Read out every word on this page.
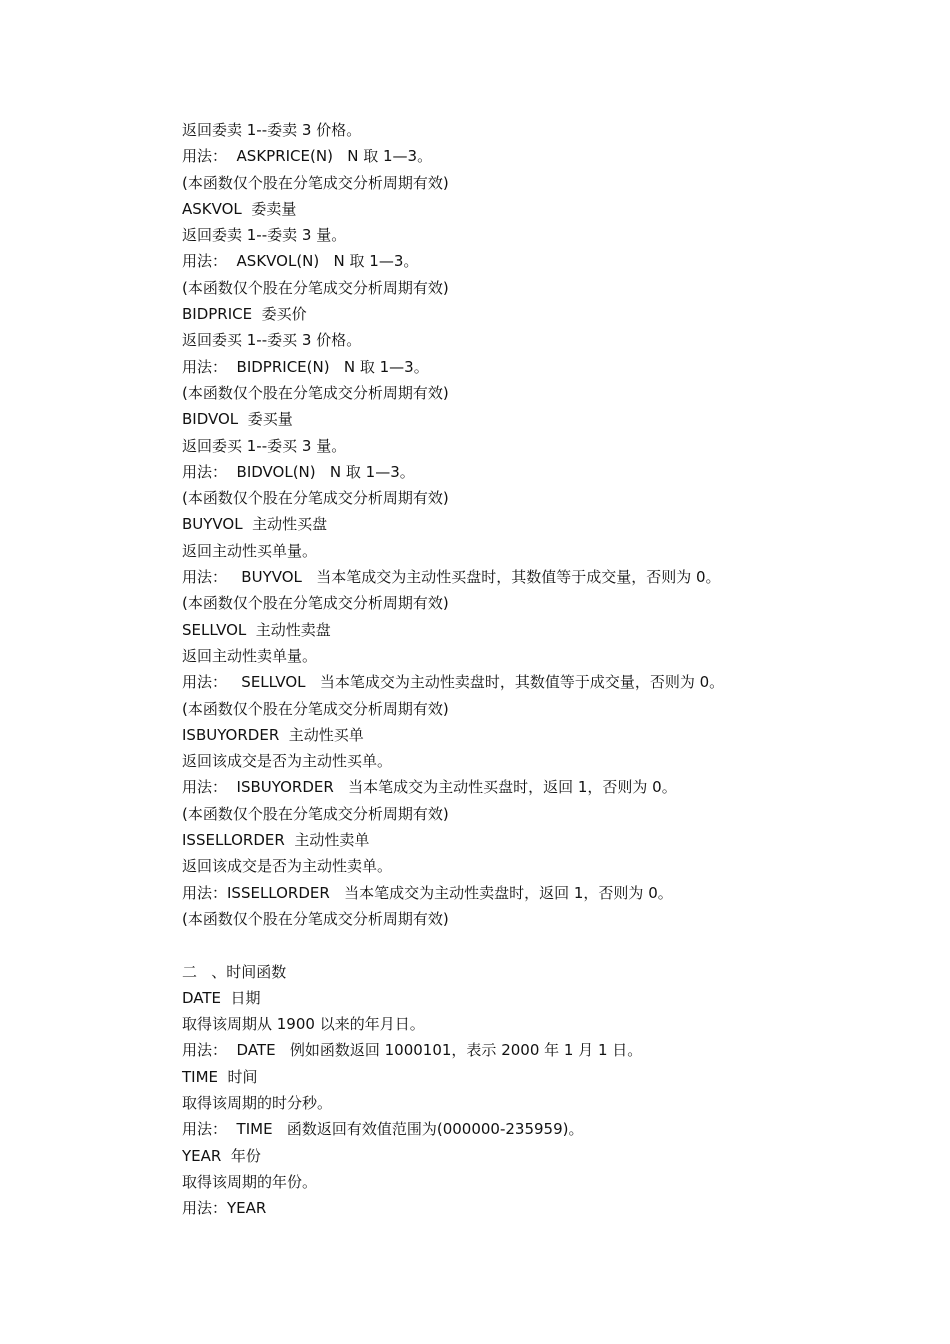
返回委卖 1--委卖 3 价格。
用法：  ASKPRICE(N)   N 取 1—3。
(本函数仅个股在分笔成交分析周期有效)
ASKVOL  委卖量
返回委卖 1--委卖 3 量。
用法：  ASKVOL(N)   N 取 1—3。
(本函数仅个股在分笔成交分析周期有效)
BIDPRICE  委买价
返回委买 1--委买 3 价格。
用法：  BIDPRICE(N)   N 取 1—3。
(本函数仅个股在分笔成交分析周期有效)
BIDVOL  委买量
返回委买 1--委买 3 量。
用法：  BIDVOL(N)   N 取 1—3。
(本函数仅个股在分笔成交分析周期有效)
BUYVOL  主动性买盘
返回主动性买单量。
用法：   BUYVOL   当本笔成交为主动性买盘时，其数值等于成交量，否则为 0。
(本函数仅个股在分笔成交分析周期有效)
SELLVOL  主动性卖盘
返回主动性卖单量。
用法：   SELLVOL   当本笔成交为主动性卖盘时，其数值等于成交量，否则为 0。
(本函数仅个股在分笔成交分析周期有效)
ISBUYORDER  主动性买单
返回该成交是否为主动性买单。
用法：  ISBUYORDER   当本笔成交为主动性买盘时，返回 1，否则为 0。
(本函数仅个股在分笔成交分析周期有效)
ISSELLORDER  主动性卖单
返回该成交是否为主动性卖单。
用法：ISSELLORDER   当本笔成交为主动性卖盘时，返回 1，否则为 0。
(本函数仅个股在分笔成交分析周期有效)
二   、时间函数
DATE  日期
取得该周期从 1900 以来的年月日。
用法：  DATE   例如函数返回 1000101，表示 2000 年 1 月 1 日。
TIME  时间
取得该周期的时分秒。
用法：  TIME   函数返回有效值范围为(000000-235959)。
YEAR  年份
取得该周期的年份。
用法：YEAR
